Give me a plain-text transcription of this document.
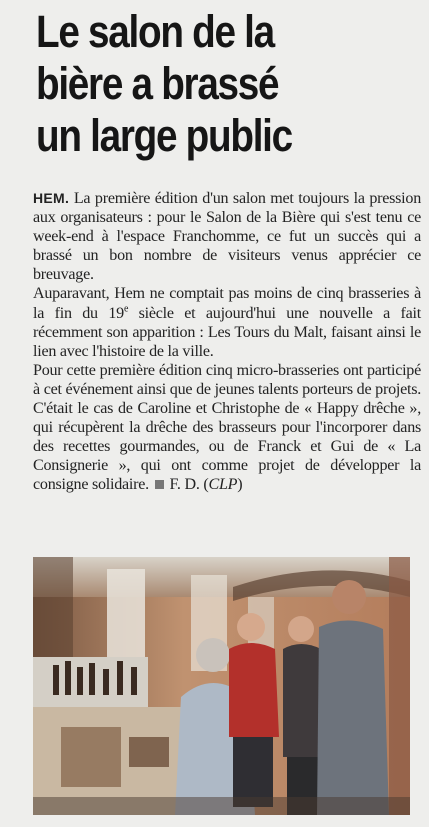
Le salon de la
bière a brassé
un large public

HEM. La première édition d'un salon met toujours la pression aux organisateurs : pour le Salon de la Bière qui s'est tenu ce week-end à l'espace Franchomme, ce fut un succès qui a brassé un bon nombre de visiteurs venus apprécier ce breuvage.

Auparavant, Hem ne comptait pas moins de cinq brasseries à la fin du 19e siècle et aujourd'hui une nouvelle a fait récemment son apparition : Les Tours du Malt, faisant ainsi le lien avec l'histoire de la ville.

Pour cette première édition cinq micro-brasseries ont participé à cet événement ainsi que de jeunes talents porteurs de projets. C'était le cas de Caroline et Christophe de « Happy drêche », qui récupèrent la drêche des brasseurs pour l'incorporer dans des recettes gourmandes, ou de Franck et Gui de « La Consignerie », qui ont comme projet de développer la consigne solidaire. F. D. (CLP)
